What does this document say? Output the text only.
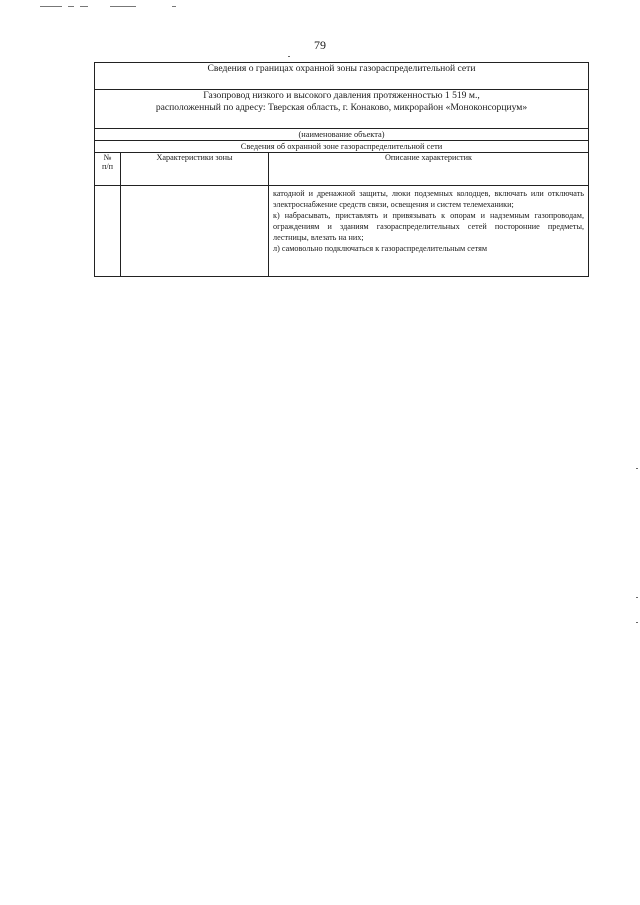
79
Сведения о границах охранной зоны газораспределительной сети		

Газопровод низкого и высокого давления протяженностью 1 519 м.,
расположенный по адресу: Тверская область, г. Конаково, микрорайон «Моноконсорциум»		

(наименование объекта)		
Сведения об охранной зоне газораспределительной сети		

№
п/п	Характеристики зоны	Описание характеристик

		катодной и дренажной защиты, люки подземных колодцев, включать или отключать электроснабжение средств связи, освещения и систем телемеханики;

к) набрасывать, приставлять и привязывать к опорам и надземным газопроводам, ограждениям и зданиям газораспределительных сетей посторонние предметы, лестницы, влезать на них;

л) самовольно подключаться к газораспределительным сетям
